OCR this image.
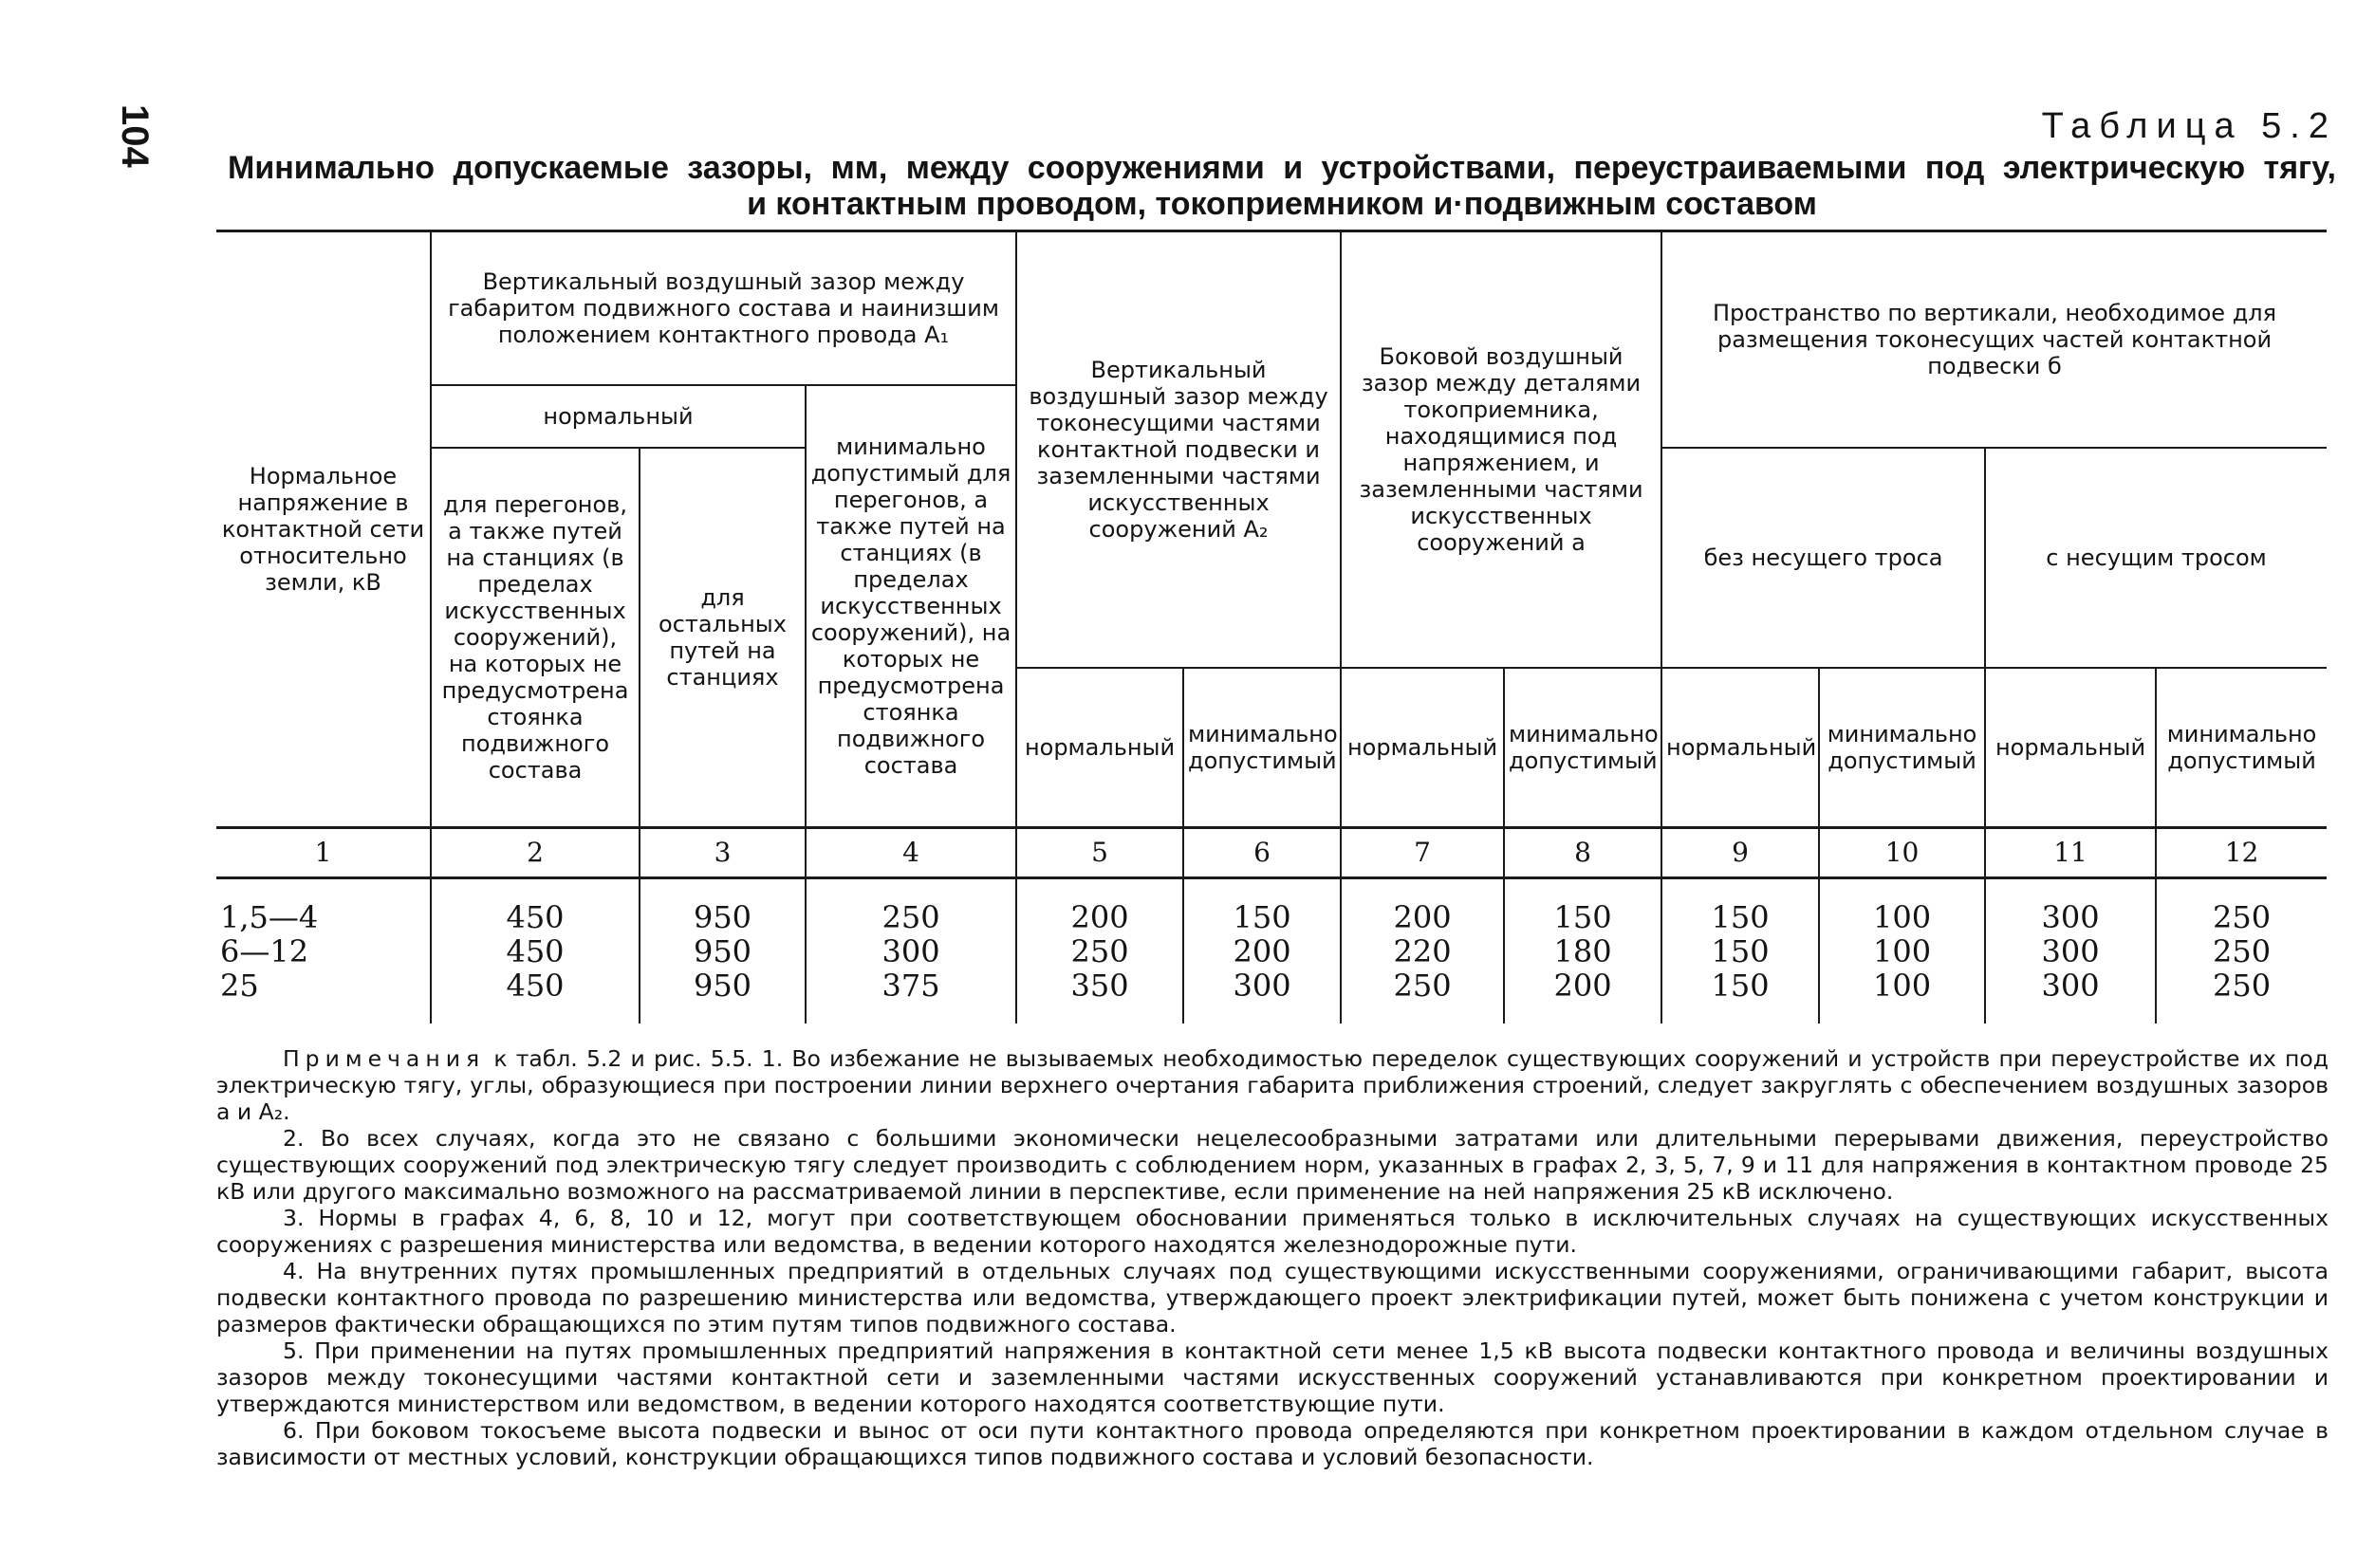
104	Таблица 5.2
Минимально допускаемые зазоры, мм, между сооружениями и устройствами, переустраиваемыми под электрическую тягу,
и контактным проводом, токоприемником и·подвижным составом
Нормальное напряжение в контактной сети относительно земли, кВ	Вертикальный воздушный зазор между габаритом подвижного состава и наинизшим положением контактного провода A₁			Вертикальный воздушный зазор между токонесущими частями контактной подвески и заземленными частями искусственных сооружений A₂		Боковой воздушный зазор между деталями токоприемника, находящимися под напряжением, и заземленными частями искусственных сооружений a		Пространство по вертикали, необходимое для размещения токонесущих частей контактной подвески б			
	нормальный		минимально допустимый для перегонов, а также путей на станциях (в пределах искусственных сооружений), на которых не предусмотрена стоянка подвижного состава								
	для перегонов, а также путей на станциях (в пределах искусственных сооружений), на которых не предусмотрена стоянка подвижного состава	для остальных путей на станциях						без несущего троса		с несущим тросом	
				нормальный	минимально допустимый	нормальный	минимально допустимый	нормальный	минимально допустимый	нормальный	минимально допустимый
1	2	3	4	5	6	7	8	9	10	11	12
1,5—4	450	950	250	200	150	200	150	150	100	300	250
6—12	450	950	300	250	200	220	180	150	100	300	250
25	450	950	375	350	300	250	200	150	100	300	250

Примечания к табл. 5.2 и рис. 5.5. 1. Во избежание не вызываемых необходимостью переделок существующих сооружений и устройств при переустройстве их под электрическую тягу, углы, образующиеся при построении линии верхнего очертания габарита приближения строений, следует закруглять с обеспечением воздушных зазоров a и A₂.

2. Во всех случаях, когда это не связано с большими экономически нецелесообразными затратами или длительными перерывами движения, переустройство существующих сооружений под электрическую тягу следует производить с соблюдением норм, указанных в графах 2, 3, 5, 7, 9 и 11 для напряжения в контактном проводе 25 кВ или другого максимально возможного на рассматриваемой линии в перспективе, если применение на ней напряжения 25 кВ исключено.

3. Нормы в графах 4, 6, 8, 10 и 12, могут при соответствующем обосновании применяться только в исключительных случаях на существующих искусственных сооружениях с разрешения министерства или ведомства, в ведении которого находятся железнодорожные пути.

4. На внутренних путях промышленных предприятий в отдельных случаях под существующими искусственными сооружениями, ограничивающими габарит, высота подвески контактного провода по разрешению министерства или ведомства, утверждающего проект электрификации путей, может быть понижена с учетом конструкции и размеров фактически обращающихся по этим путям типов подвижного состава.

5. При применении на путях промышленных предприятий напряжения в контактной сети менее 1,5 кВ высота подвески контактного провода и величины воздушных зазоров между токонесущими частями контактной сети и заземленными частями искусственных сооружений устанавливаются при конкретном проектировании и утверждаются министерством или ведомством, в ведении которого находятся соответствующие пути.

6. При боковом токосъеме высота подвески и вынос от оси пути контактного провода определяются при конкретном проектировании в каждом отдельном случае в зависимости от местных условий, конструкции обращающихся типов подвижного состава и условий безопасности.
